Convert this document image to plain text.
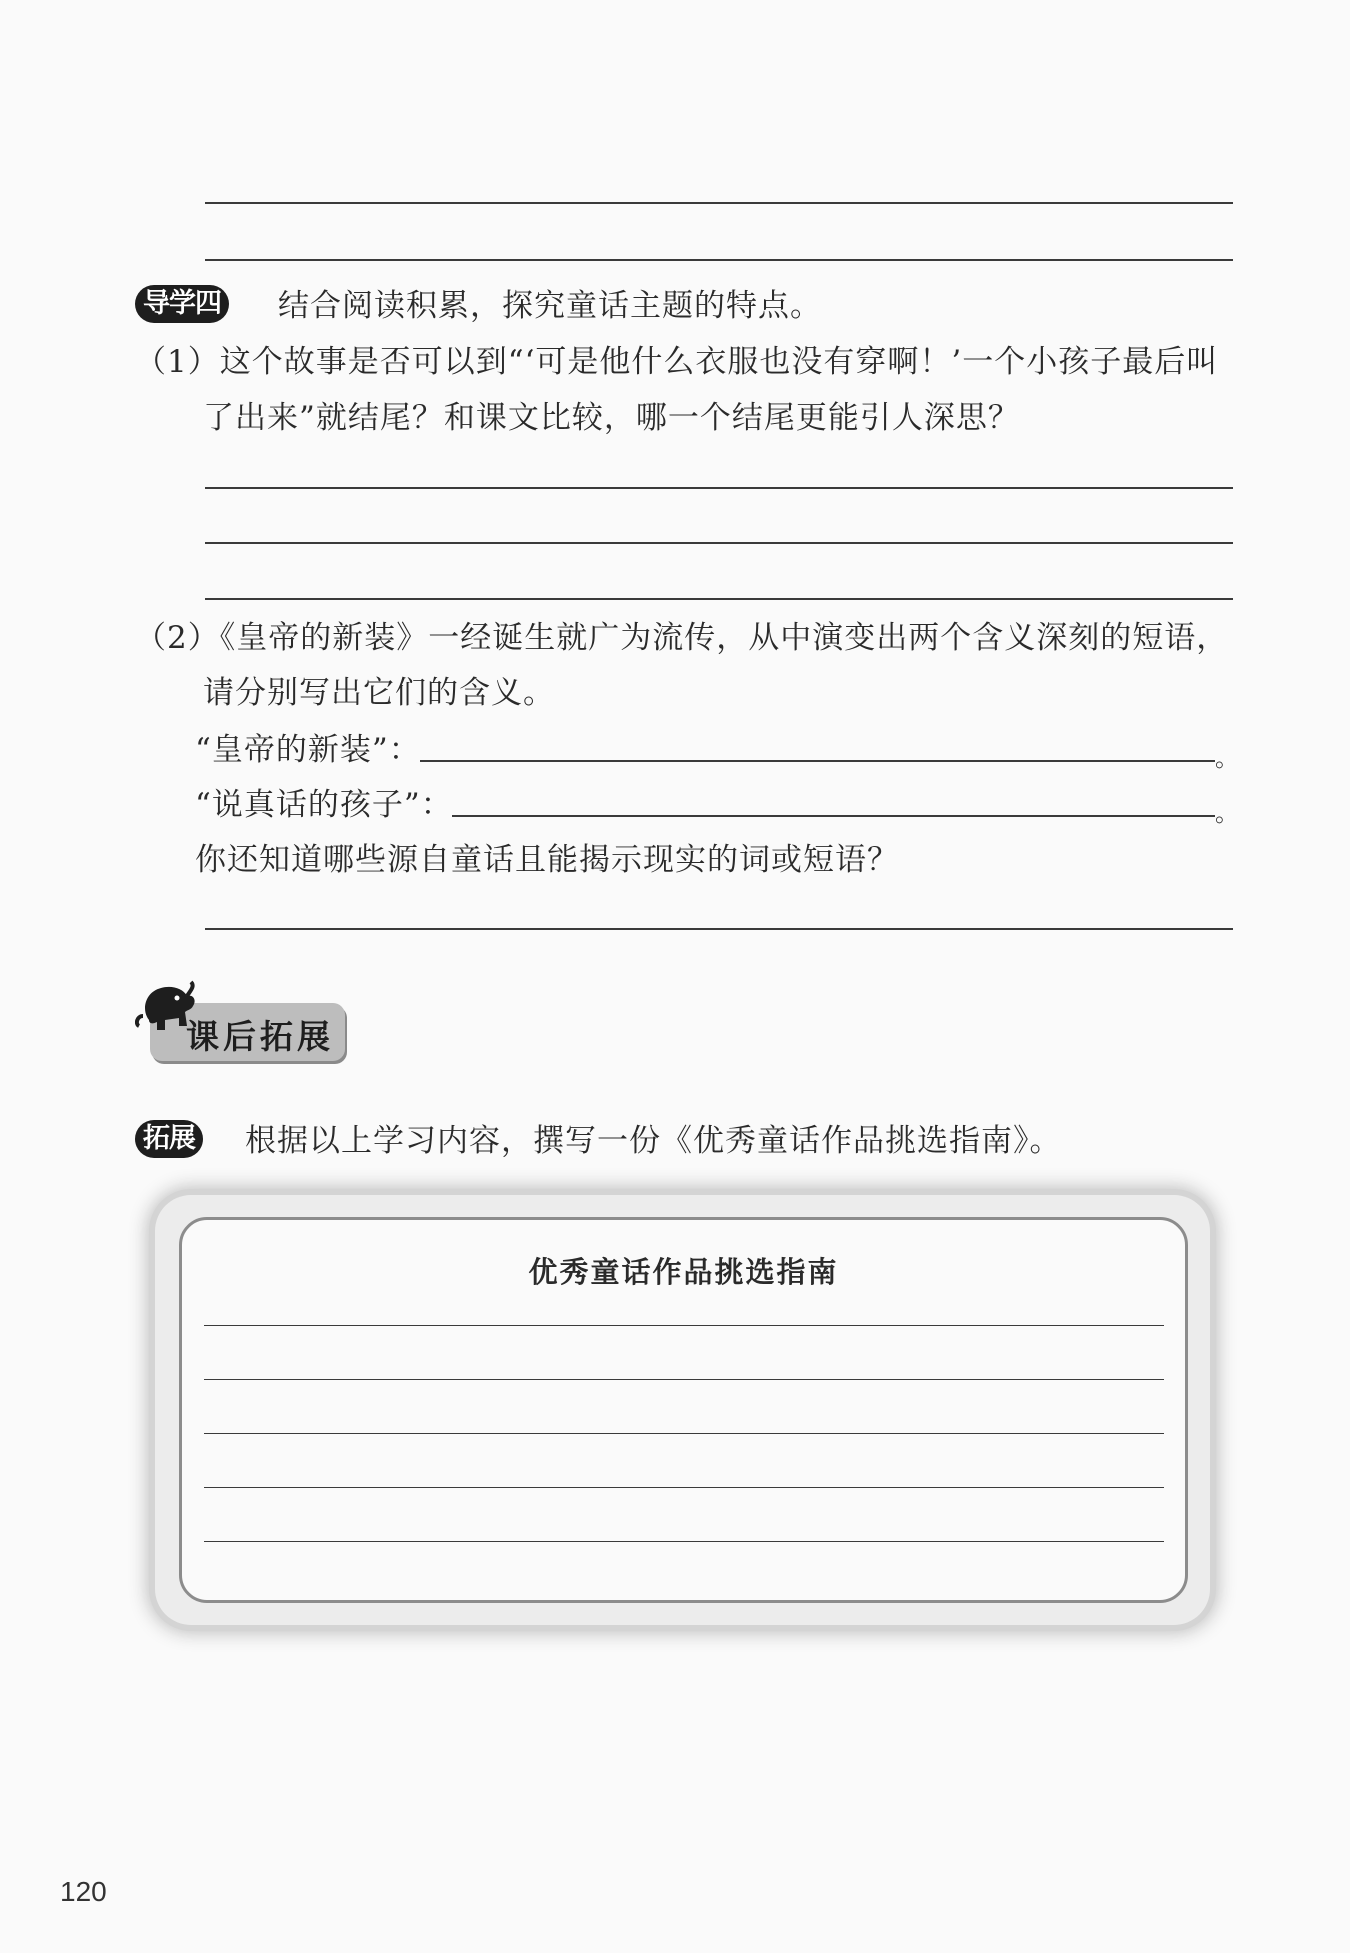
导学四 结合阅读积累，探究童话主题的特点。
（1）这个故事是否可以到“‘可是他什么衣服也没有穿啊！’一个小孩子最后叫
了出来”就结尾？和课文比较，哪一个结尾更能引人深思？
（2）《皇帝的新装》一经诞生就广为流传，从中演变出两个含义深刻的短语，
请分别写出它们的含义。
“皇帝的新装”：	。
“说真话的孩子”：	。
你还知道哪些源自童话且能揭示现实的词或短语？
课后拓展
拓展 根据以上学习内容，撰写一份《优秀童话作品挑选指南》。
优秀童话作品挑选指南
120
